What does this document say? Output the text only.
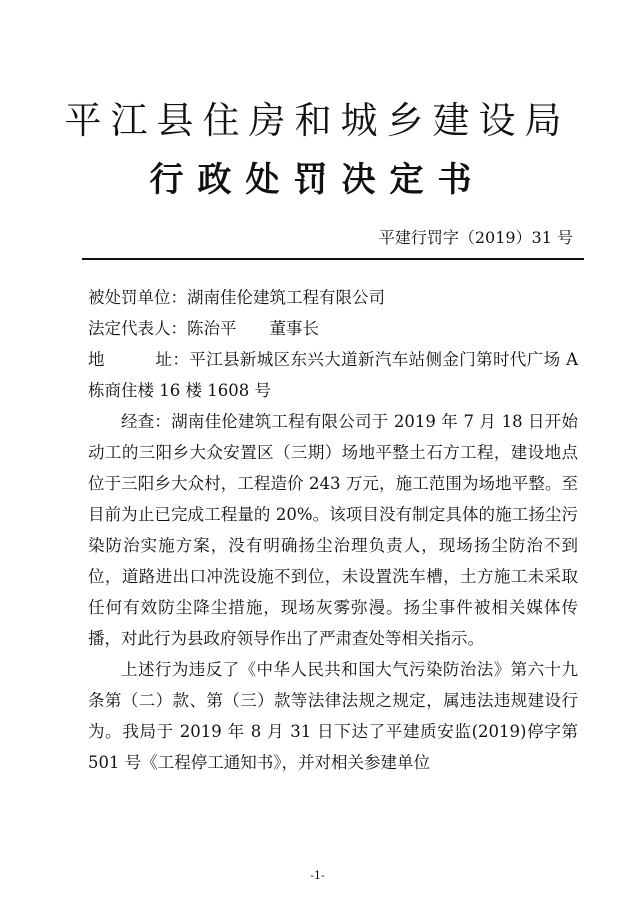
平江县住房和城乡建设局
行政处罚决定书
平建行罚字（2019）31 号

被处罚单位：湖南佳伦建筑工程有限公司

法定代表人：陈治平　　董事长

地　　　址：平江县新城区东兴大道新汽车站侧金门第时代广场 A 栋商住楼 16 楼 1608 号

经查：湖南佳伦建筑工程有限公司于 2019 年 7 月 18 日开始动工的三阳乡大众安置区（三期）场地平整土石方工程，建设地点位于三阳乡大众村，工程造价 243 万元，施工范围为场地平整。至目前为止已完成工程量的 20%。该项目没有制定具体的施工扬尘污染防治实施方案，没有明确扬尘治理负责人，现场扬尘防治不到位，道路进出口冲洗设施不到位，未设置洗车槽，土方施工未采取任何有效防尘降尘措施，现场灰雾弥漫。扬尘事件被相关媒体传播，对此行为县政府领导作出了严肃查处等相关指示。

上述行为违反了《中华人民共和国大气污染防治法》第六十九条第（二）款、第（三）款等法律法规之规定，属违法违规建设行为。我局于 2019 年 8 月 31 日下达了平建质安监(2019)停字第 501 号《工程停工通知书》，并对相关参建单位

-1-
